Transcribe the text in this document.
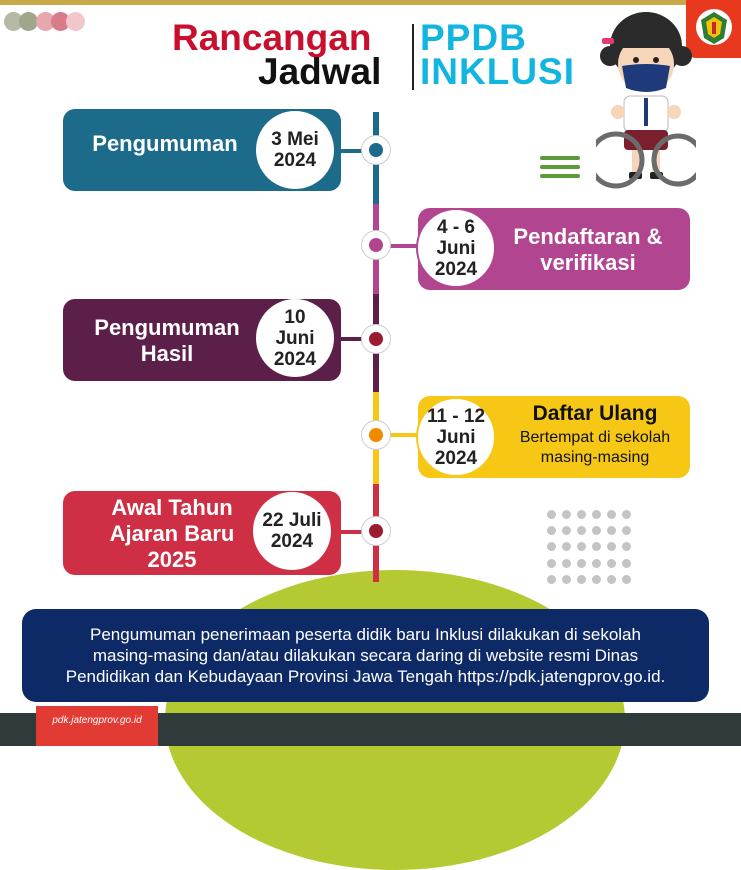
Rancangan
Jadwal
PPDB
INKLUSI
Pengumuman	3 Mei
2024
Pendaftaran &
verifikasi
4 - 6
Juni
2024
Pengumuman
Hasil
10
Juni
2024
Daftar Ulang
Bertempat di sekolah
masing-masing
11 - 12
Juni
2024
Awal Tahun
Ajaran Baru
2025
22 Juli
2024
Pengumuman penerimaan peserta didik baru Inklusi dilakukan di sekolah
masing-masing dan/atau dilakukan secara daring di website resmi Dinas
Pendidikan dan Kebudayaan Provinsi Jawa Tengah https://pdk.jatengprov.go.id.
pdk.jatengprov.go.id
